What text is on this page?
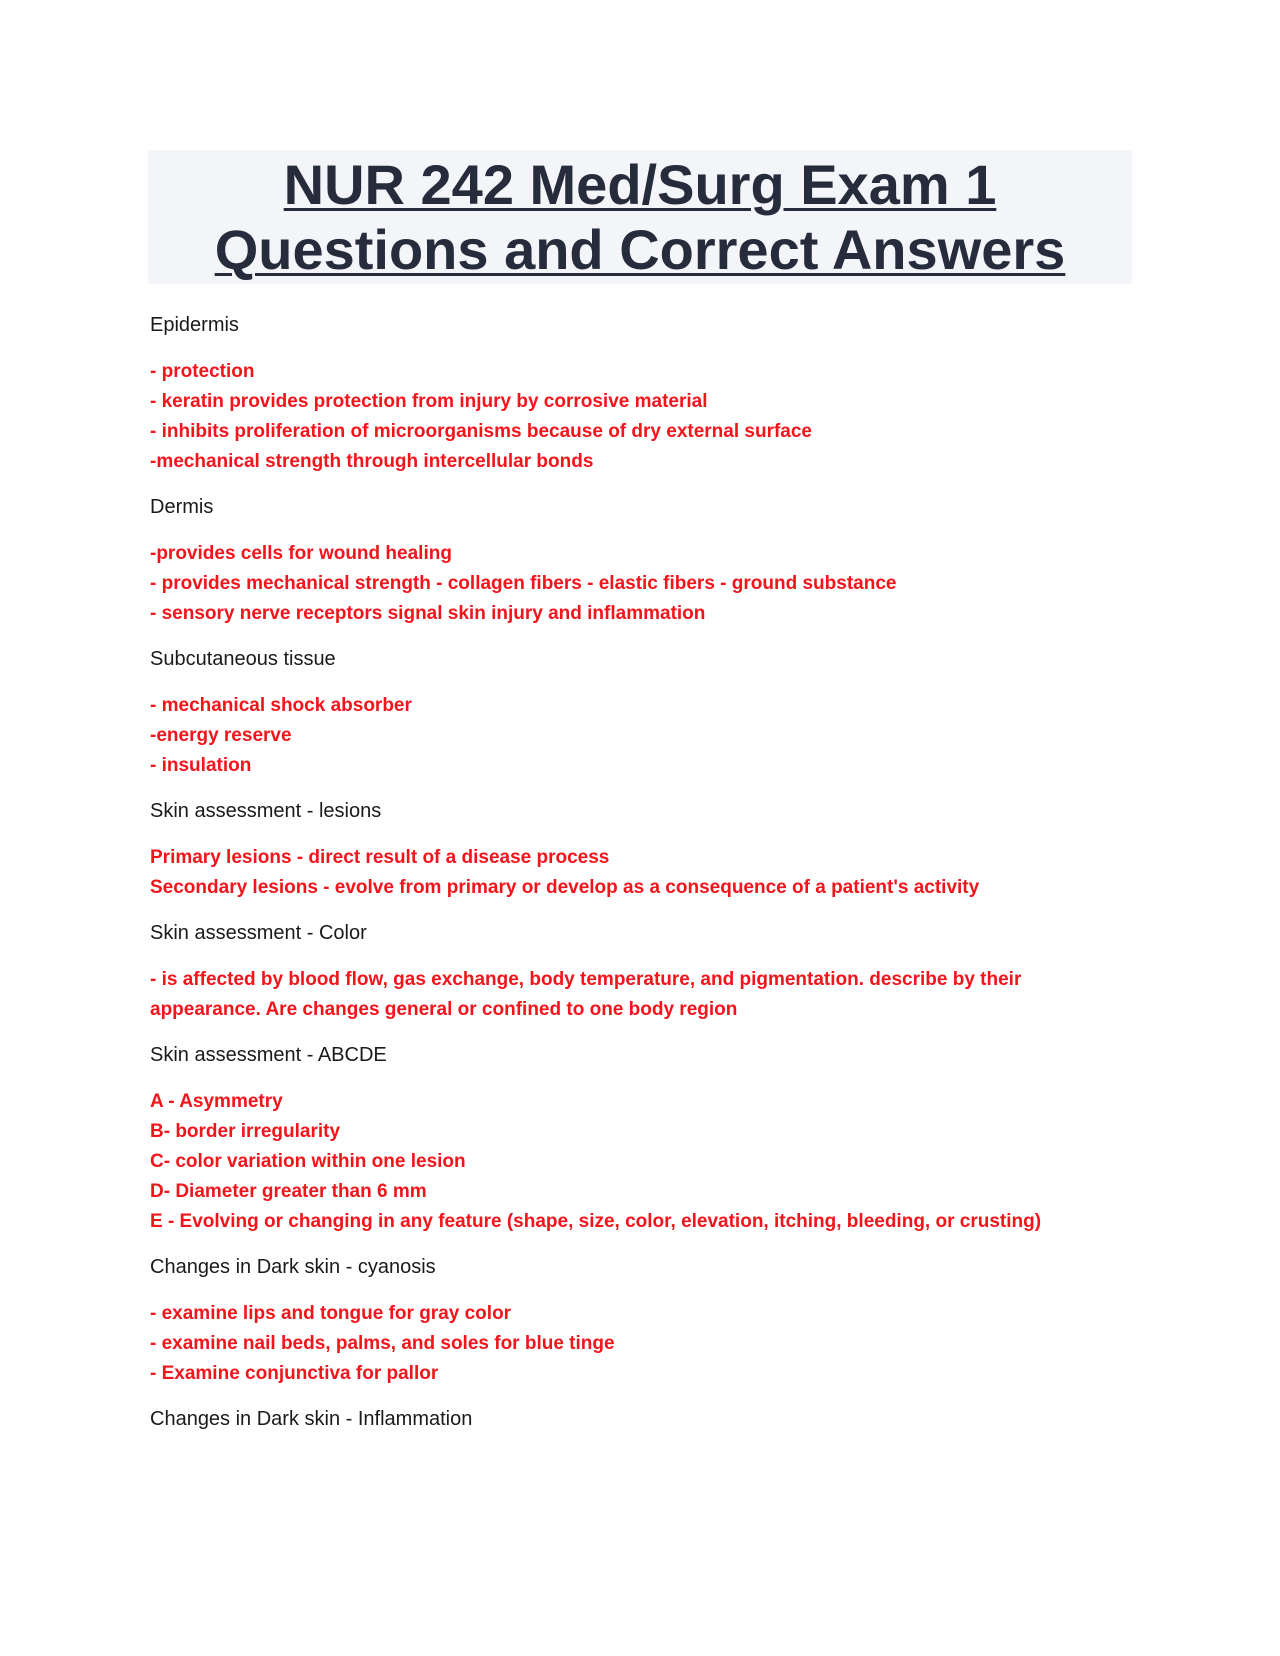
NUR 242 Med/Surg Exam 1
Questions and Correct Answers
Epidermis
- protection
- keratin provides protection from injury by corrosive material
- inhibits proliferation of microorganisms because of dry external surface
-mechanical strength through intercellular bonds
Dermis
-provides cells for wound healing
- provides mechanical strength - collagen fibers - elastic fibers - ground substance
- sensory nerve receptors signal skin injury and inflammation
Subcutaneous tissue
- mechanical shock absorber
-energy reserve
- insulation
Skin assessment - lesions
Primary lesions - direct result of a disease process
Secondary lesions - evolve from primary or develop as a consequence of a patient's activity
Skin assessment - Color
- is affected by blood flow, gas exchange, body temperature, and pigmentation. describe by their
appearance. Are changes general or confined to one body region
Skin assessment - ABCDE
A - Asymmetry
B- border irregularity
C- color variation within one lesion
D- Diameter greater than 6 mm
E - Evolving or changing in any feature (shape, size, color, elevation, itching, bleeding, or crusting)
Changes in Dark skin - cyanosis
- examine lips and tongue for gray color
- examine nail beds, palms, and soles for blue tinge
- Examine conjunctiva for pallor
Changes in Dark skin - Inflammation
